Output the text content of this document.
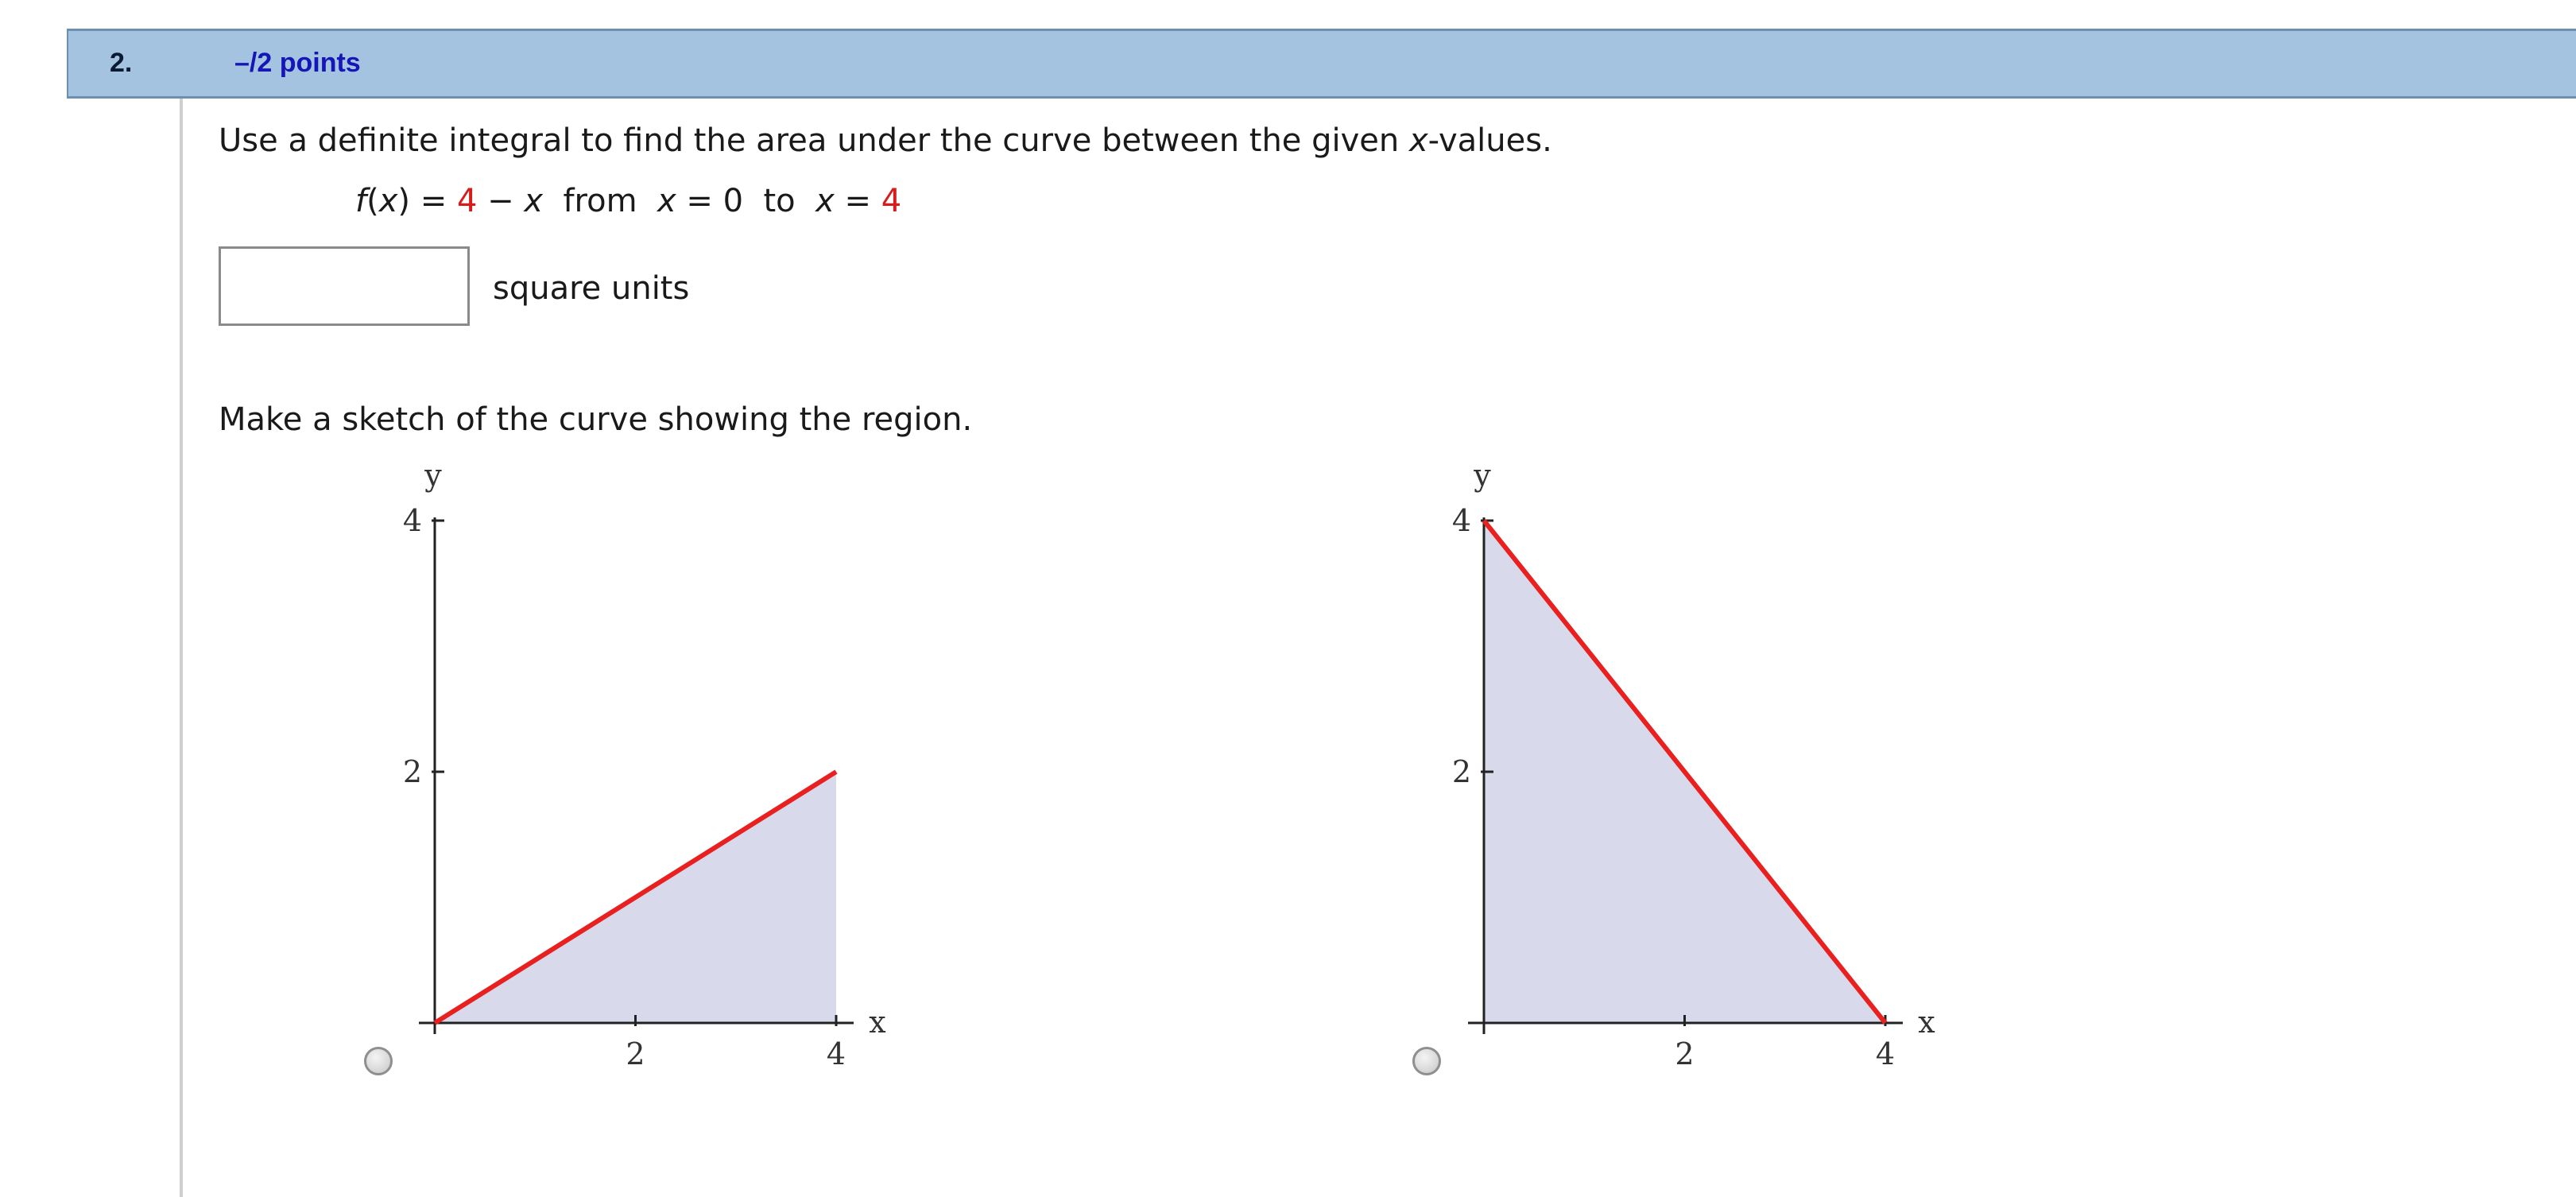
2.	–/2 points
Use a definite integral to find the area under the curve between the given x-values.
f(x) = 4 − x  from  x = 0  to  x = 4
square units
Make a sketch of the curve showing the region.
2	4
2
4
x
y
2	4
2
4
x
y
